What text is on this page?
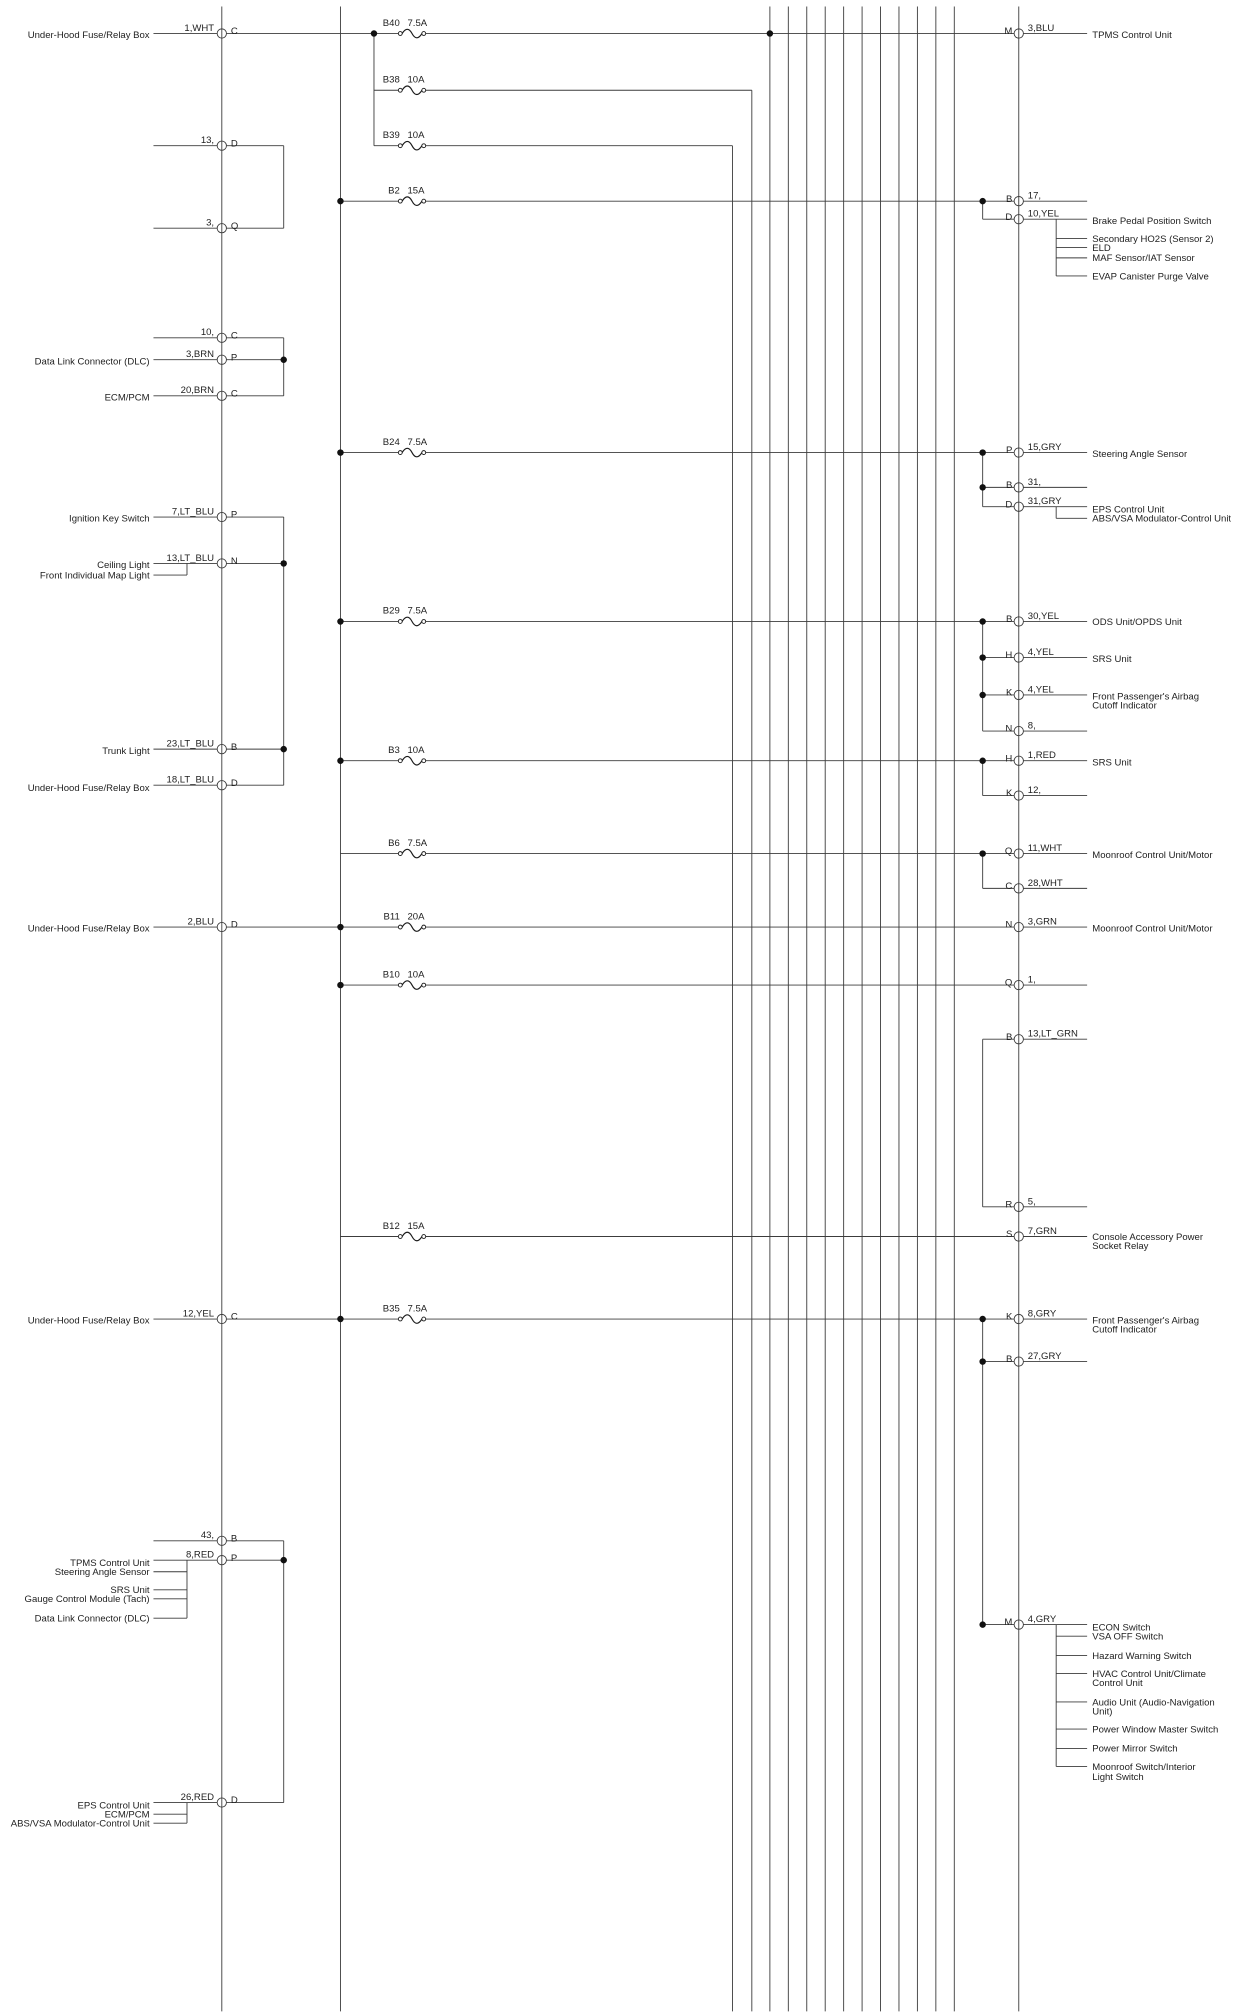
1,WHT C
Under-Hood Fuse/Relay Box
13, D
3, Q
10, C
3,BRN P
Data Link Connector (DLC)
20,BRN C
ECM/PCM
7,LT_BLU P
Ignition Key Switch
13,LT_BLU N
Ceiling Light
Front Individual Map Light
23,LT_BLU B
Trunk Light
18,LT_BLU D
Under-Hood Fuse/Relay Box
2,BLU D
Under-Hood Fuse/Relay Box
12,YEL C
Under-Hood Fuse/Relay Box
43, B
8,RED P
TPMS Control Unit
Steering Angle Sensor
SRS Unit
Gauge Control Module (Tach)
Data Link Connector (DLC)
26,RED D
EPS Control Unit
ECM/PCM
ABS/VSA Modulator-Control Unit
B40 7.5A
B38 10A
B39 10A
B2 15A
B24 7.5A
B29 7.5A
B3 10A
B6 7.5A
B11 20A
B10 10A
B12 15A
B35 7.5A
M 3,BLU
TPMS Control Unit
B 17,
D 10,YEL
Brake Pedal Position Switch
Secondary HO2S (Sensor 2)
ELD
MAF Sensor/IAT Sensor
EVAP Canister Purge Valve
P 15,GRY
Steering Angle Sensor
B 31,
D 31,GRY
EPS Control Unit
ABS/VSA Modulator-Control Unit
B 30,YEL
ODS Unit/OPDS Unit
H 4,YEL
SRS Unit
K 4,YEL
Front Passenger's Airbag
Cutoff Indicator
N 8,
H 1,RED
SRS Unit
K 12,
Q 11,WHT
Moonroof Control Unit/Motor
C 28,WHT
N 3,GRN
Moonroof Control Unit/Motor
Q 1,
B 13,LT_GRN
R 5,
S 7,GRN
Console Accessory Power
Socket Relay
K 8,GRY
Front Passenger's Airbag
Cutoff Indicator
B 27,GRY
M 4,GRY
ECON Switch
VSA OFF Switch
Hazard Warning Switch
HVAC Control Unit/Climate
Control Unit
Audio Unit (Audio-Navigation
Unit)
Power Window Master Switch
Power Mirror Switch
Moonroof Switch/Interior
Light Switch
